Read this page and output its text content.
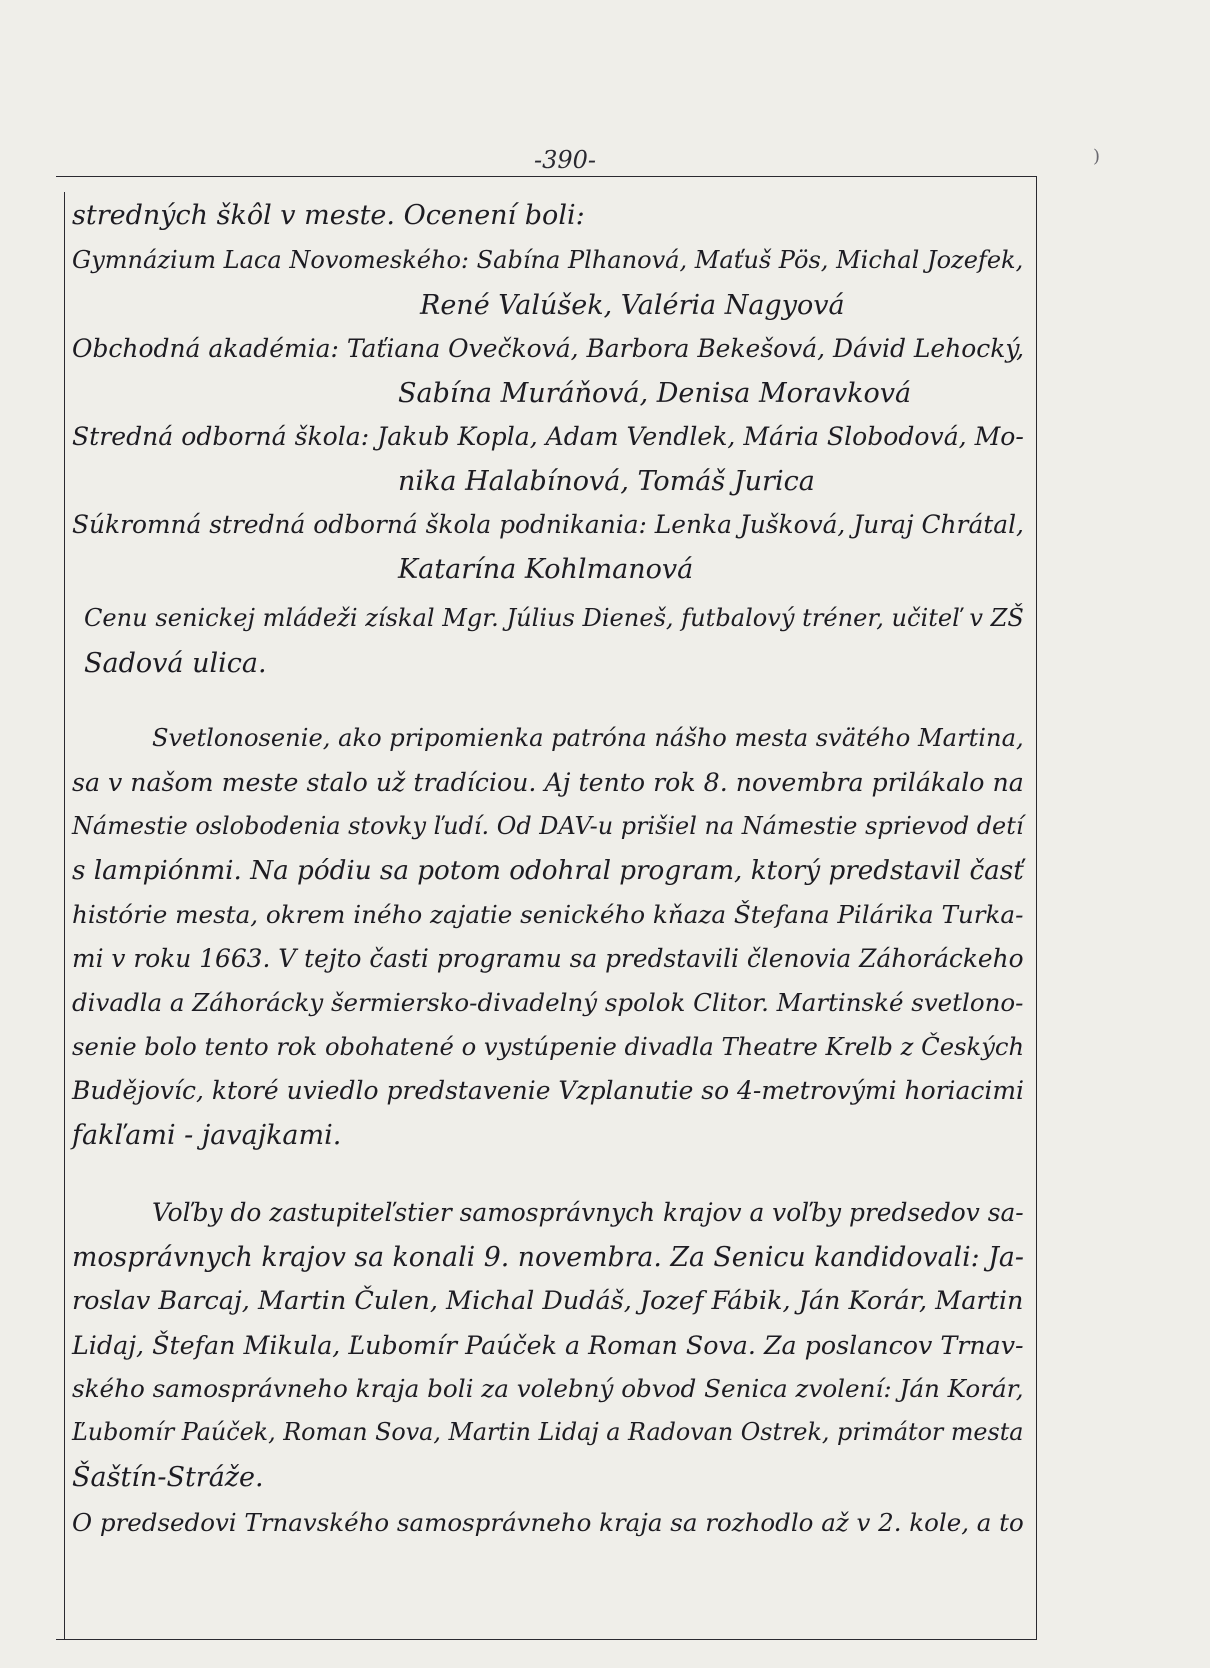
-390-	)
stredných škôl v meste. Ocenení boli:
Gymnázium Laca Novomeského: Sabína Plhanová, Maťuš Pös, Michal Jozefek,
René Valúšek, Valéria Nagyová
Obchodná akadémia: Taťiana Ovečková, Barbora Bekešová, Dávid Lehocký,
Sabína Muráňová, Denisa Moravková
Stredná odborná škola: Jakub Kopla, Adam Vendlek, Mária Slobodová, Mo-
nika Halabínová, Tomáš Jurica
Súkromná stredná odborná škola podnikania: Lenka Jušková, Juraj Chrátal,
Katarína Kohlmanová
Cenu senickej mládeži získal Mgr. Július Dieneš, futbalový tréner, učiteľ v ZŠ
Sadová ulica.
Svetlonosenie, ako pripomienka patróna nášho mesta svätého Martina,
sa v našom meste stalo už tradíciou. Aj tento rok 8. novembra prilákalo na
Námestie oslobodenia stovky ľudí. Od DAV-u prišiel na Námestie sprievod detí
s lampiónmi. Na pódiu sa potom odohral program, ktorý predstavil časť
histórie mesta, okrem iného zajatie senického kňaza Štefana Pilárika Turka-
mi v roku 1663. V tejto časti programu sa predstavili členovia Záhoráckeho
divadla a Záhorácky šermiersko-divadelný spolok Clitor. Martinské svetlono-
senie bolo tento rok obohatené o vystúpenie divadla Theatre Krelb z Českých
Budějovíc, ktoré uviedlo predstavenie Vzplanutie so 4-metrovými horiacimi
fakľami - javajkami.
Voľby do zastupiteľstier samosprávnych krajov a voľby predsedov sa-
mosprávnych krajov sa konali 9. novembra. Za Senicu kandidovali: Ja-
roslav Barcaj, Martin Čulen, Michal Dudáš, Jozef Fábik, Ján Korár, Martin
Lidaj, Štefan Mikula, Ľubomír Paúček a Roman Sova. Za poslancov Trnav-
ského samosprávneho kraja boli za volebný obvod Senica zvolení: Ján Korár,
Ľubomír Paúček, Roman Sova, Martin Lidaj a Radovan Ostrek, primátor mesta
Šaštín-Stráže.
O predsedovi Trnavského samosprávneho kraja sa rozhodlo až v 2. kole, a to
